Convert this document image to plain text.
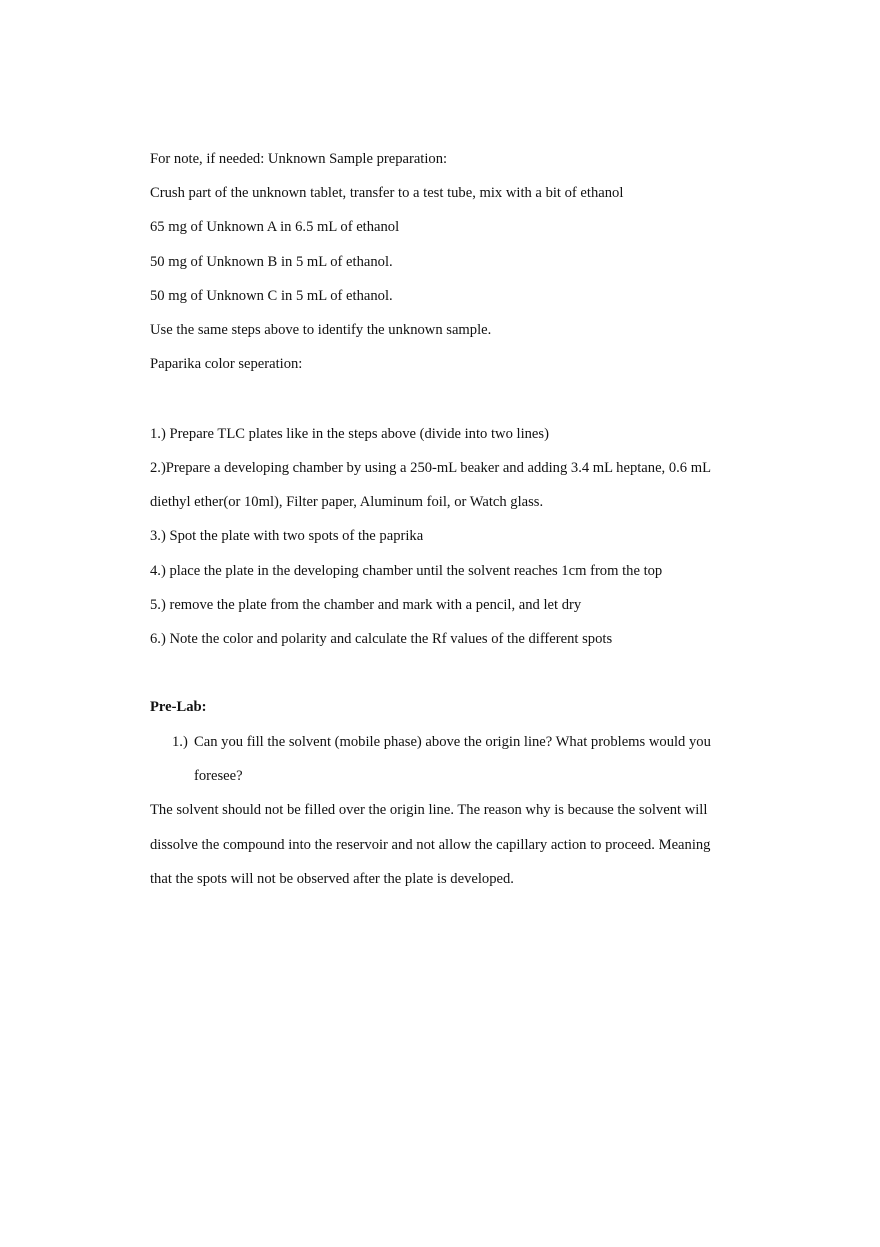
For note, if needed: Unknown Sample preparation:
Crush part of the unknown tablet, transfer to a test tube, mix with a bit of ethanol
65 mg of Unknown A in 6.5 mL of ethanol
50 mg of Unknown B in 5 mL of ethanol.
50 mg of Unknown C in 5 mL of ethanol.
Use the same steps above to identify the unknown sample.
Paparika color seperation:
1.) Prepare TLC plates like in the steps above (divide into two lines)
2.)Prepare a developing chamber by using a 250-mL beaker and adding 3.4 mL heptane, 0.6 mL
diethyl ether(or 10ml), Filter paper, Aluminum foil, or Watch glass.
3.) Spot the plate with two spots of the paprika
4.) place the plate in the developing chamber until the solvent reaches 1cm from the top
5.) remove the plate from the chamber and mark with a pencil, and let dry
6.) Note the color and polarity and calculate the Rf values of the different spots
Pre-Lab:
1.) Can you fill the solvent (mobile phase) above the origin line? What problems would you
foresee?
The solvent should not be filled over the origin line. The reason why is because the solvent will
dissolve the compound into the reservoir and not allow the capillary action to proceed. Meaning
that the spots will not be observed after the plate is developed.
